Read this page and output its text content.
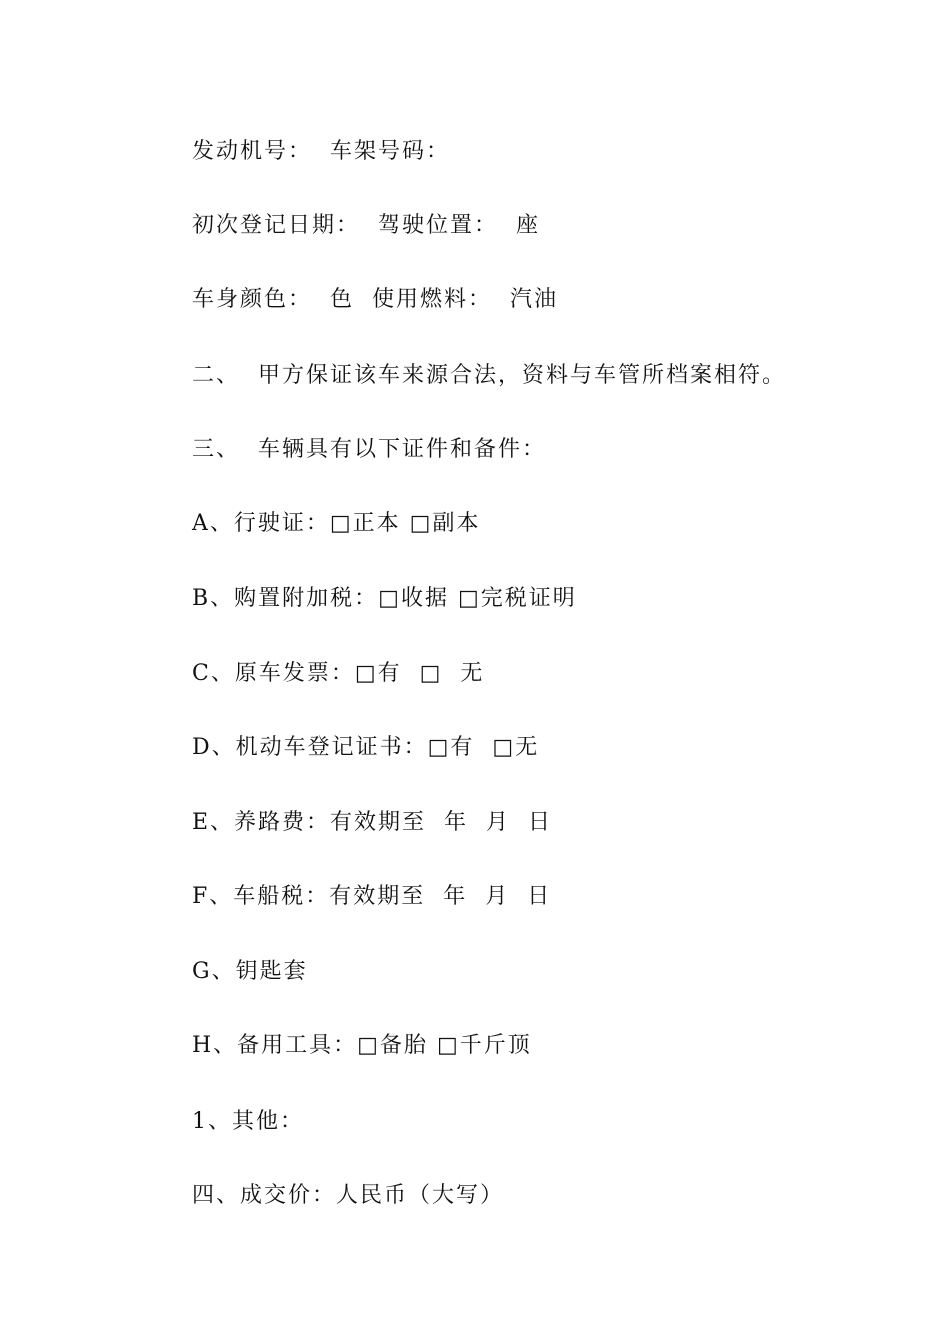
发动机号：  车架号码：
初次登记日期：  驾驶位置：  座
车身颜色：  色  使用燃料：  汽油
二、  甲方保证该车来源合法，资料与车管所档案相符。
三、  车辆具有以下证件和备件：
A、行驶证：□正本 □副本
B、购置附加税：□收据 □完税证明
C、原车发票：□有  □  无
D、机动车登记证书：□有  □无
E、养路费：有效期至  年  月  日
F、车船税：有效期至  年  月  日
G、钥匙套
H、备用工具：□备胎 □千斤顶
1、其他：
四、成交价：人民币（大写）
